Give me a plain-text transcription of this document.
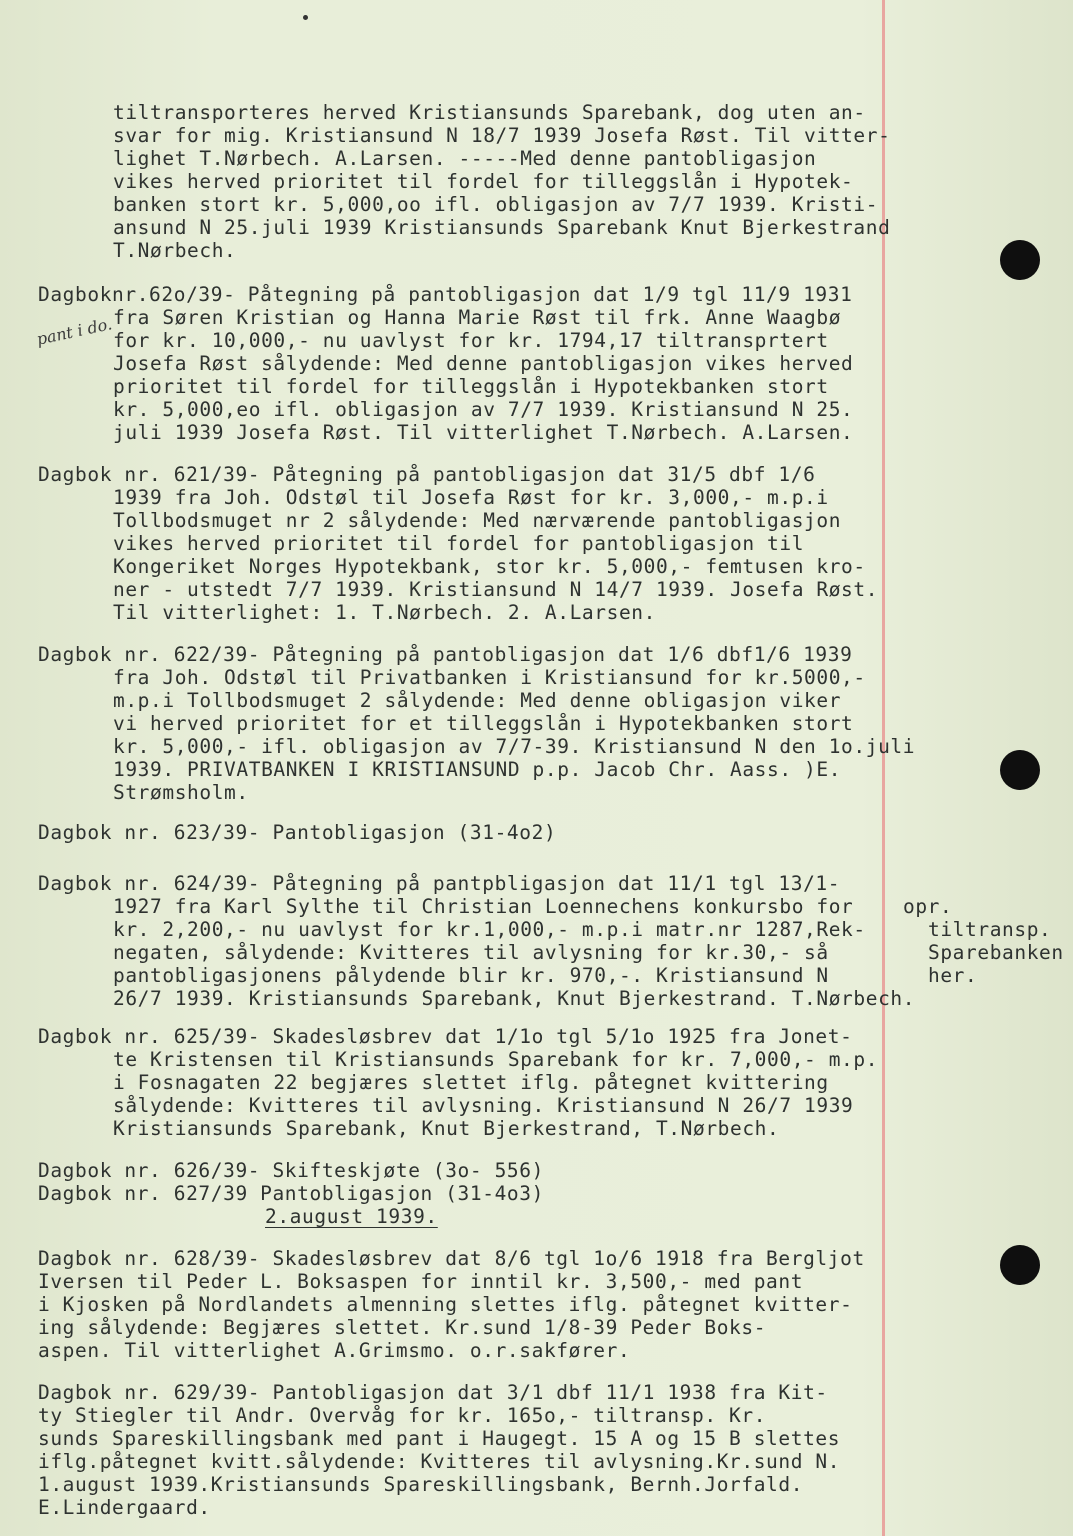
pant i do.
tiltransporteres herved Kristiansunds Sparebank, dog uten an-
svar for mig. Kristiansund N 18/7 1939 Josefa Røst. Til vitter-
lighet T.Nørbech. A.Larsen. -----Med denne pantobligasjon
vikes herved prioritet til fordel for tilleggslån i Hypotek-
banken stort kr. 5,000,oo ifl. obligasjon av 7/7 1939. Kristi-
ansund N 25.juli 1939 Kristiansunds Sparebank Knut Bjerkestrand
T.Nørbech.
Dagboknr.62o/39- Påtegning på pantobligasjon dat 1/9 tgl 11/9 1931
fra Søren Kristian og Hanna Marie Røst til frk. Anne Waagbø
for kr. 10,000,- nu uavlyst for kr. 1794,17 tiltransprtert
Josefa Røst sålydende: Med denne pantobligasjon vikes herved
prioritet til fordel for tilleggslån i Hypotekbanken stort
kr. 5,000,eo ifl. obligasjon av 7/7 1939. Kristiansund N 25.
juli 1939 Josefa Røst. Til vitterlighet T.Nørbech. A.Larsen.
Dagbok nr. 621/39- Påtegning på pantobligasjon dat 31/5 dbf 1/6
1939 fra Joh. Odstøl til Josefa Røst for kr. 3,000,- m.p.i
Tollbodsmuget nr 2 sålydende: Med nærværende pantobligasjon
vikes herved prioritet til fordel for pantobligasjon til
Kongeriket Norges Hypotekbank, stor kr. 5,000,- femtusen kro-
ner - utstedt 7/7 1939. Kristiansund N 14/7 1939. Josefa Røst.
Til vitterlighet: 1. T.Nørbech. 2. A.Larsen.
Dagbok nr. 622/39- Påtegning på pantobligasjon dat 1/6 dbf1/6 1939
fra Joh. Odstøl til Privatbanken i Kristiansund for kr.5000,-
m.p.i Tollbodsmuget 2 sålydende: Med denne obligasjon viker
vi herved prioritet for et tilleggslån i Hypotekbanken stort
kr. 5,000,- ifl. obligasjon av 7/7-39. Kristiansund N den 1o.juli
1939. PRIVATBANKEN I KRISTIANSUND p.p. Jacob Chr. Aass. )E.
Strømsholm.
Dagbok nr. 623/39- Pantobligasjon (31-4o2)
Dagbok nr. 624/39- Påtegning på pantpbligasjon dat 11/1 tgl 13/1-
1927 fra Karl Sylthe til Christian Loennechens konkursbo for
kr. 2,200,- nu uavlyst for kr.1,000,- m.p.i matr.nr 1287,Rek-
negaten, sålydende: Kvitteres til avlysning for kr.30,- så
pantobligasjonens pålydende blir kr. 970,-. Kristiansund N
26/7 1939. Kristiansunds Sparebank, Knut Bjerkestrand. T.Nørbech.
opr.
tiltransp.
Sparebanken
her.
Dagbok nr. 625/39- Skadesløsbrev dat 1/1o tgl 5/1o 1925 fra Jonet-
te Kristensen til Kristiansunds Sparebank for kr. 7,000,- m.p.
i Fosnagaten 22 begjæres slettet iflg. påtegnet kvittering
sålydende: Kvitteres til avlysning. Kristiansund N 26/7 1939
Kristiansunds Sparebank, Knut Bjerkestrand, T.Nørbech.
Dagbok nr. 626/39- Skifteskjøte (3o- 556)
Dagbok nr. 627/39 Pantobligasjon (31-4o3)
2.august 1939.
Dagbok nr. 628/39- Skadesløsbrev dat 8/6 tgl 1o/6 1918 fra Bergljot
Iversen til Peder L. Boksaspen for inntil kr. 3,500,- med pant
i Kjosken på Nordlandets almenning slettes iflg. påtegnet kvitter-
ing sålydende: Begjæres slettet. Kr.sund 1/8-39 Peder Boks-
aspen. Til vitterlighet A.Grimsmo. o.r.sakfører.
Dagbok nr. 629/39- Pantobligasjon dat 3/1 dbf 11/1 1938 fra Kit-
ty Stiegler til Andr. Overvåg for kr. 165o,- tiltransp. Kr.
sunds Spareskillingsbank med pant i Haugegt. 15 A og 15 B slettes
iflg.påtegnet kvitt.sålydende: Kvitteres til avlysning.Kr.sund N.
1.august 1939.Kristiansunds Spareskillingsbank, Bernh.Jorfald.
E.Lindergaard.
